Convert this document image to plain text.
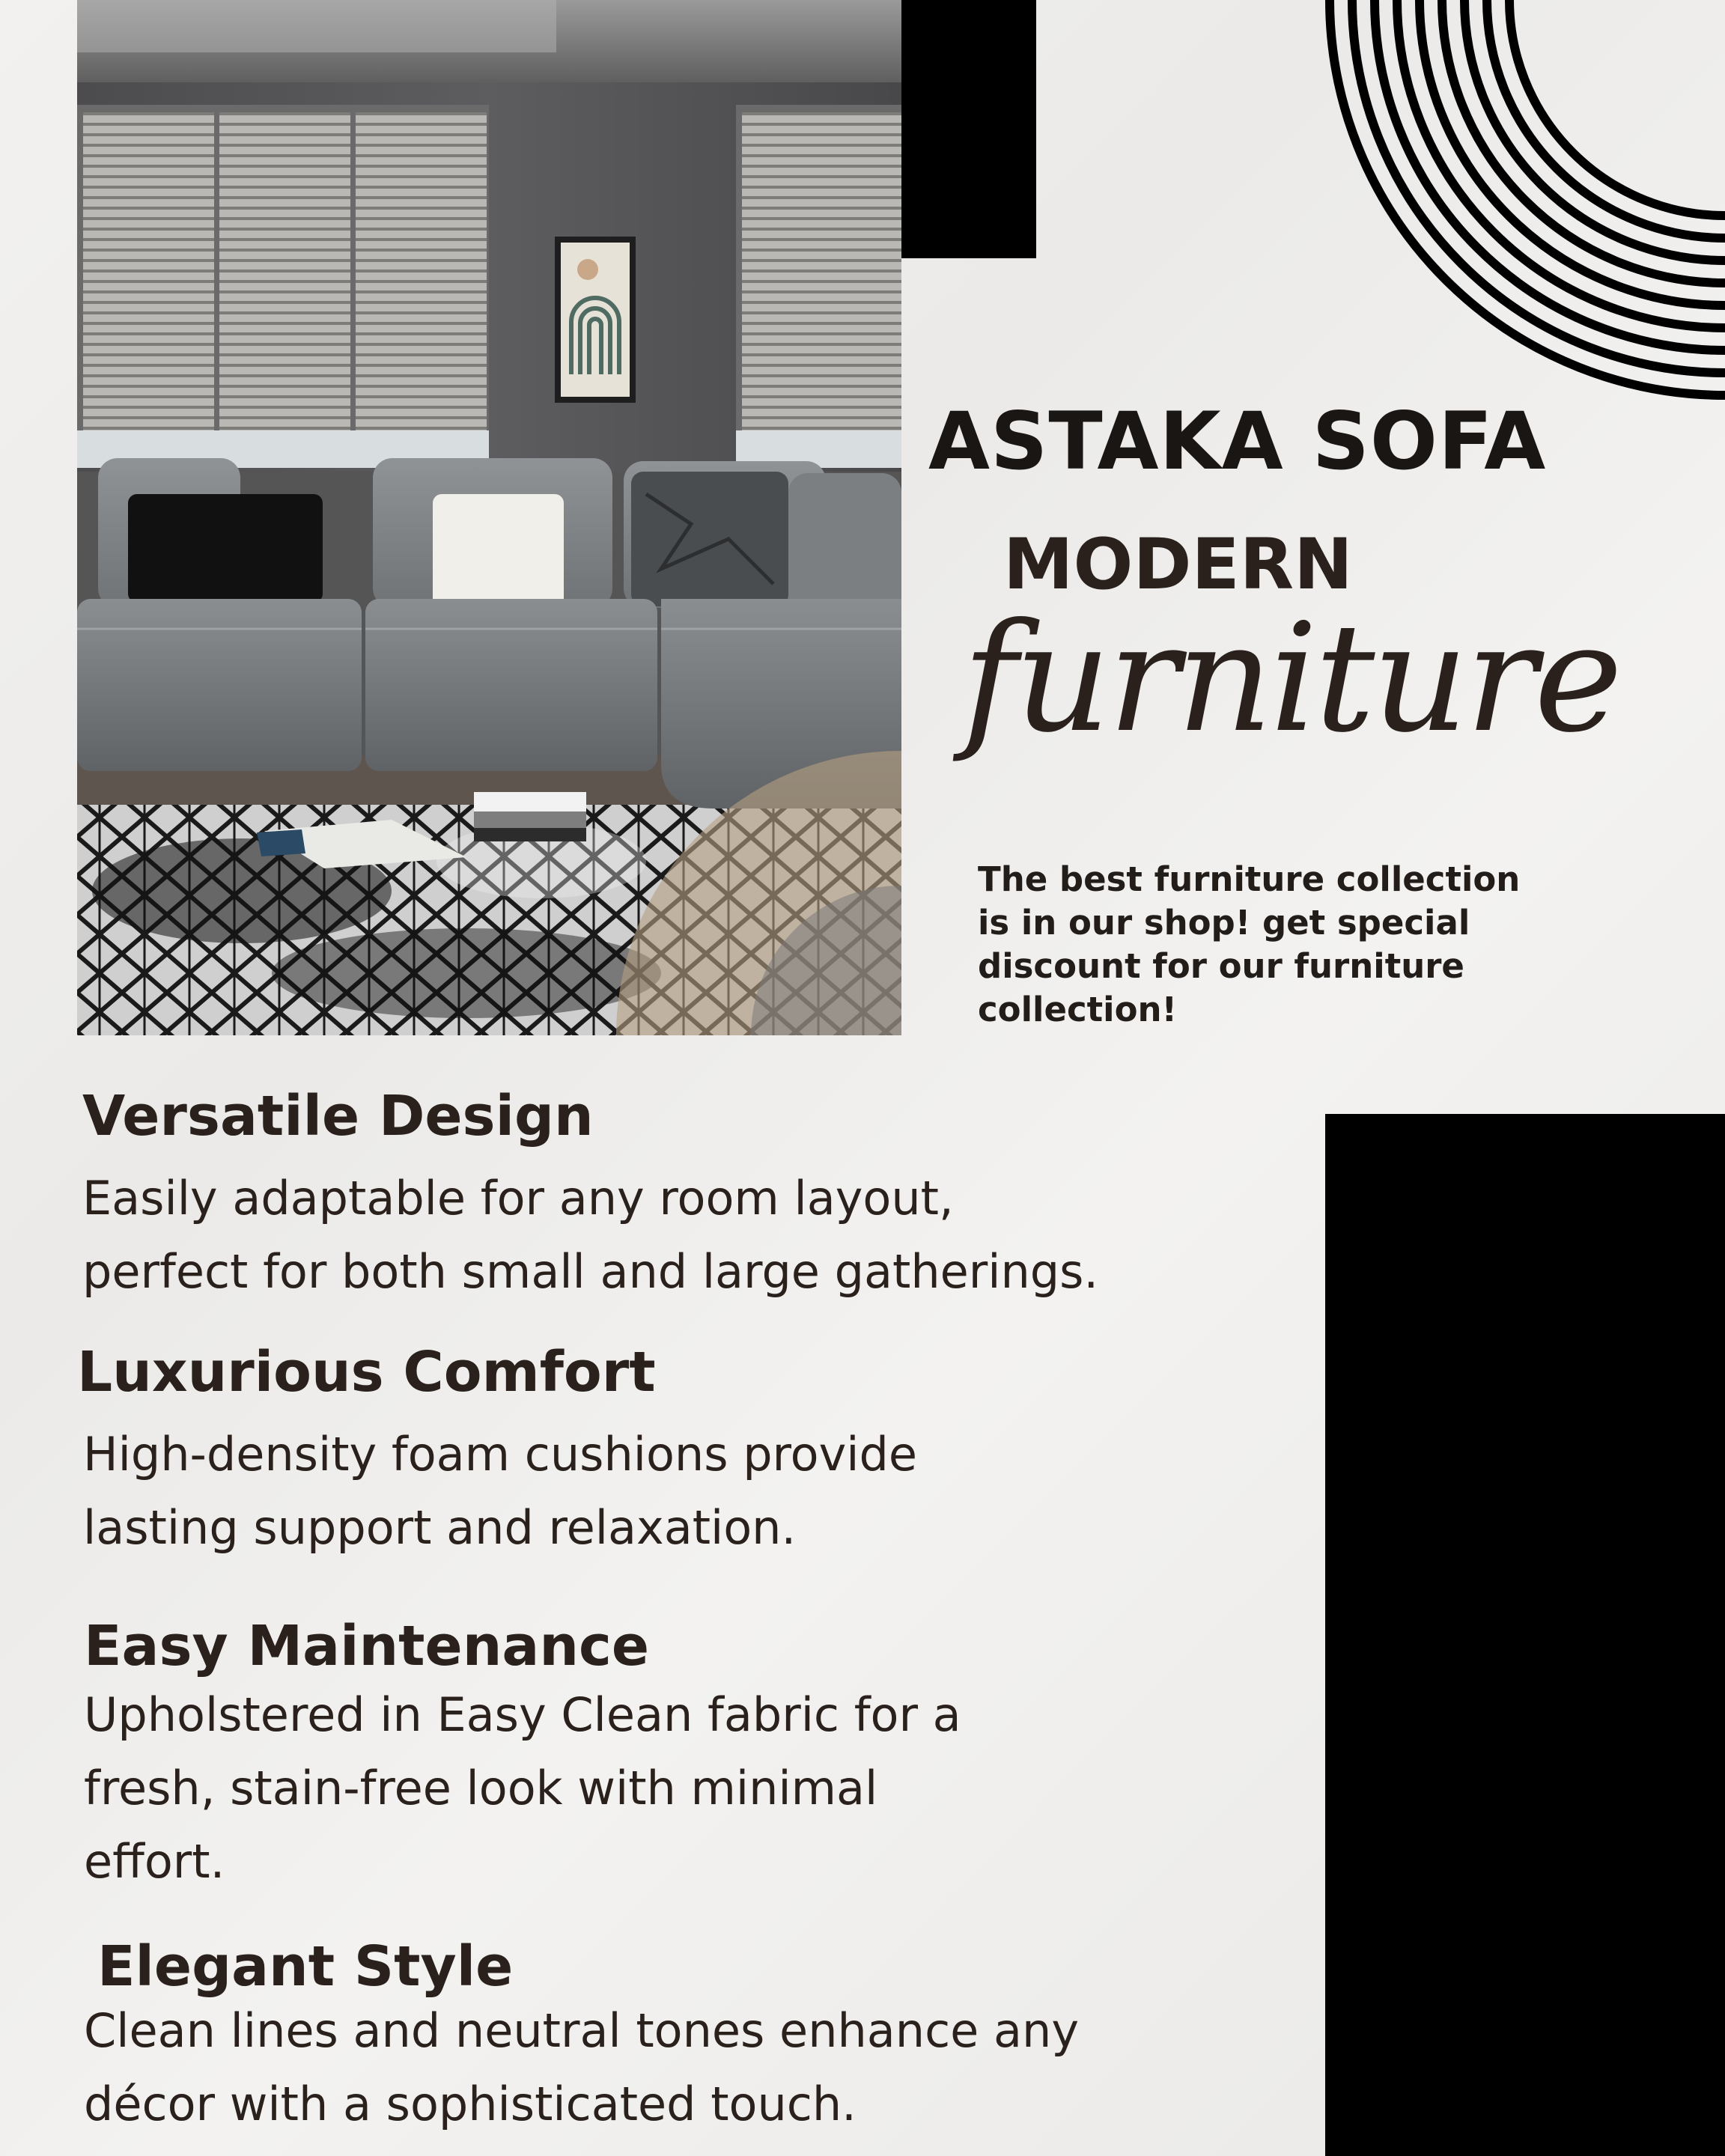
ASTAKA SOFA
MODERN
furniture

The best furniture collection is in our shop! get special discount for our furniture collection!

Versatile Design

Easily adaptable for any room layout,

perfect for both small and large gatherings.

Luxurious Comfort

High-density foam cushions provide

lasting support and relaxation.

Easy Maintenance

Upholstered in Easy Clean fabric for a

fresh, stain-free look with minimal

effort.

Elegant Style

Clean lines and neutral tones enhance any

décor with a sophisticated touch.
